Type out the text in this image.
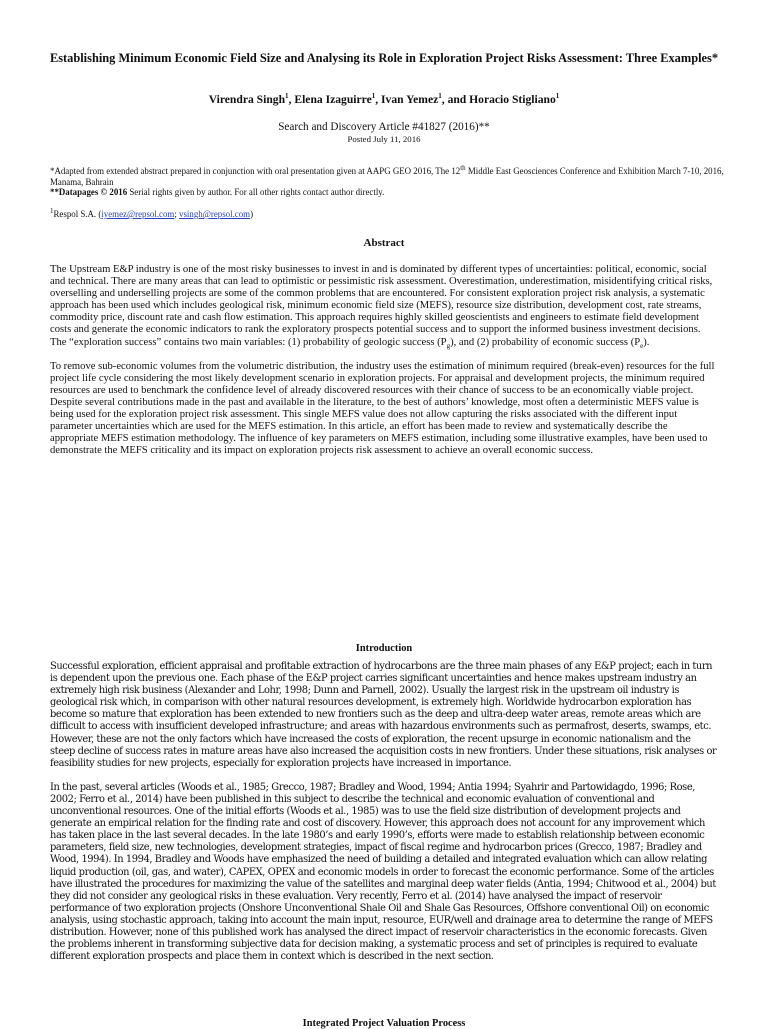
Establishing Minimum Economic Field Size and Analysing its Role in Exploration Project Risks Assessment: Three Examples*
Virendra Singh$^1$, Elena Izaguirre$^1$, Ivan Yemez$^1$, and Horacio Stigliano$^1$
Search and Discovery Article #41827 (2016)**
Posted July 11, 2016

*Adapted from extended abstract prepared in conjunction with oral presentation given at AAPG GEO 2016, The 12th Middle East Geosciences Conference and Exhibition March 7-10, 2016, Manama, Bahrain

**Datapages © 2016 Serial rights given by author. For all other rights contact author directly.

$^1$Respol S.A. (iyemez@repsol.com; vsingh@repsol.com)
Abstract

The Upstream E&P industry is one of the most risky businesses to invest in and is dominated by different types of uncertainties: political, economic, social and technical. There are many areas that can lead to optimistic or pessimistic risk assessment. Overestimation, underestimation, misidentifying critical risks, overselling and underselling projects are some of the common problems that are encountered. For consistent exploration project risk analysis, a systematic approach has been used which includes geological risk, minimum economic field size (MEFS), resource size distribution, development cost, rate streams, commodity price, discount rate and cash flow estimation. This approach requires highly skilled geoscientists and engineers to estimate field development costs and generate the economic indicators to rank the exploratory prospects potential success and to support the informed business investment decisions. The “exploration success” contains two main variables: (1) probability of geologic success $(P_g)$, and (2) probability of economic success $(P_e)$.

To remove sub-economic volumes from the volumetric distribution, the industry uses the estimation of minimum required (break-even) resources for the full project life cycle considering the most likely development scenario in exploration projects. For appraisal and development projects, the minimum required resources are used to benchmark the confidence level of already discovered resources with their chance of success to be an economically viable project. Despite several contributions made in the past and available in the literature, to the best of authors’ knowledge, most often a deterministic MEFS value is being used for the exploration project risk assessment. This single MEFS value does not allow capturing the risks associated with the different input parameter uncertainties which are used for the MEFS estimation. In this article, an effort has been made to review and systematically describe the appropriate MEFS estimation methodology. The influence of key parameters on MEFS estimation, including some illustrative examples, have been used to demonstrate the MEFS criticality and its impact on exploration projects risk assessment to achieve an overall economic success.

Introduction

Successful exploration, efficient appraisal and profitable extraction of hydrocarbons are the three main phases of any E&P project; each in turn is dependent upon the previous one. Each phase of the E&P project carries significant uncertainties and hence makes upstream industry an extremely high risk business (Alexander and Lohr, 1998; Dunn and Parnell, 2002). Usually the largest risk in the upstream oil industry is geological risk which, in comparison with other natural resources development, is extremely high. Worldwide hydrocarbon exploration has become so mature that exploration has been extended to new frontiers such as the deep and ultra-deep water areas, remote areas which are difficult to access with insufficient developed infrastructure; and areas with hazardous environments such as permafrost, deserts, swamps, etc. However, these are not the only factors which have increased the costs of exploration, the recent upsurge in economic nationalism and the steep decline of success rates in mature areas have also increased the acquisition costs in new frontiers. Under these situations, risk analyses or feasibility studies for new projects, especially for exploration projects have increased in importance.

In the past, several articles (Woods et al., 1985; Grecco, 1987; Bradley and Wood, 1994; Antia 1994; Syahrir and Partowidagdo, 1996; Rose, 2002; Ferro et al., 2014) have been published in this subject to describe the technical and economic evaluation of conventional and unconventional resources. One of the initial efforts (Woods et al., 1985) was to use the field size distribution of development projects and generate an empirical relation for the finding rate and cost of discovery. However, this approach does not account for any improvement which has taken place in the last several decades. In the late 1980’s and early 1990’s, efforts were made to establish relationship between economic parameters, field size, new technologies, development strategies, impact of fiscal regime and hydrocarbon prices (Grecco, 1987; Bradley and Wood, 1994). In 1994, Bradley and Woods have emphasized the need of building a detailed and integrated evaluation which can allow relating liquid production (oil, gas, and water), CAPEX, OPEX and economic models in order to forecast the economic performance. Some of the articles have illustrated the procedures for maximizing the value of the satellites and marginal deep water fields (Antia, 1994; Chitwood et al., 2004) but they did not consider any geological risks in these evaluation. Very recently, Ferro et al. (2014) have analysed the impact of reservoir performance of two exploration projects (Onshore Unconventional Shale Oil and Shale Gas Resources, Offshore conventional Oil) on economic analysis, using stochastic approach, taking into account the main input, resource, EUR/well and drainage area to determine the range of MEFS distribution. However, none of this published work has analysed the direct impact of reservoir characteristics in the economic forecasts. Given the problems inherent in transforming subjective data for decision making, a systematic process and set of principles is required to evaluate different exploration prospects and place them in context which is described in the next section.

Integrated Project Valuation Process
